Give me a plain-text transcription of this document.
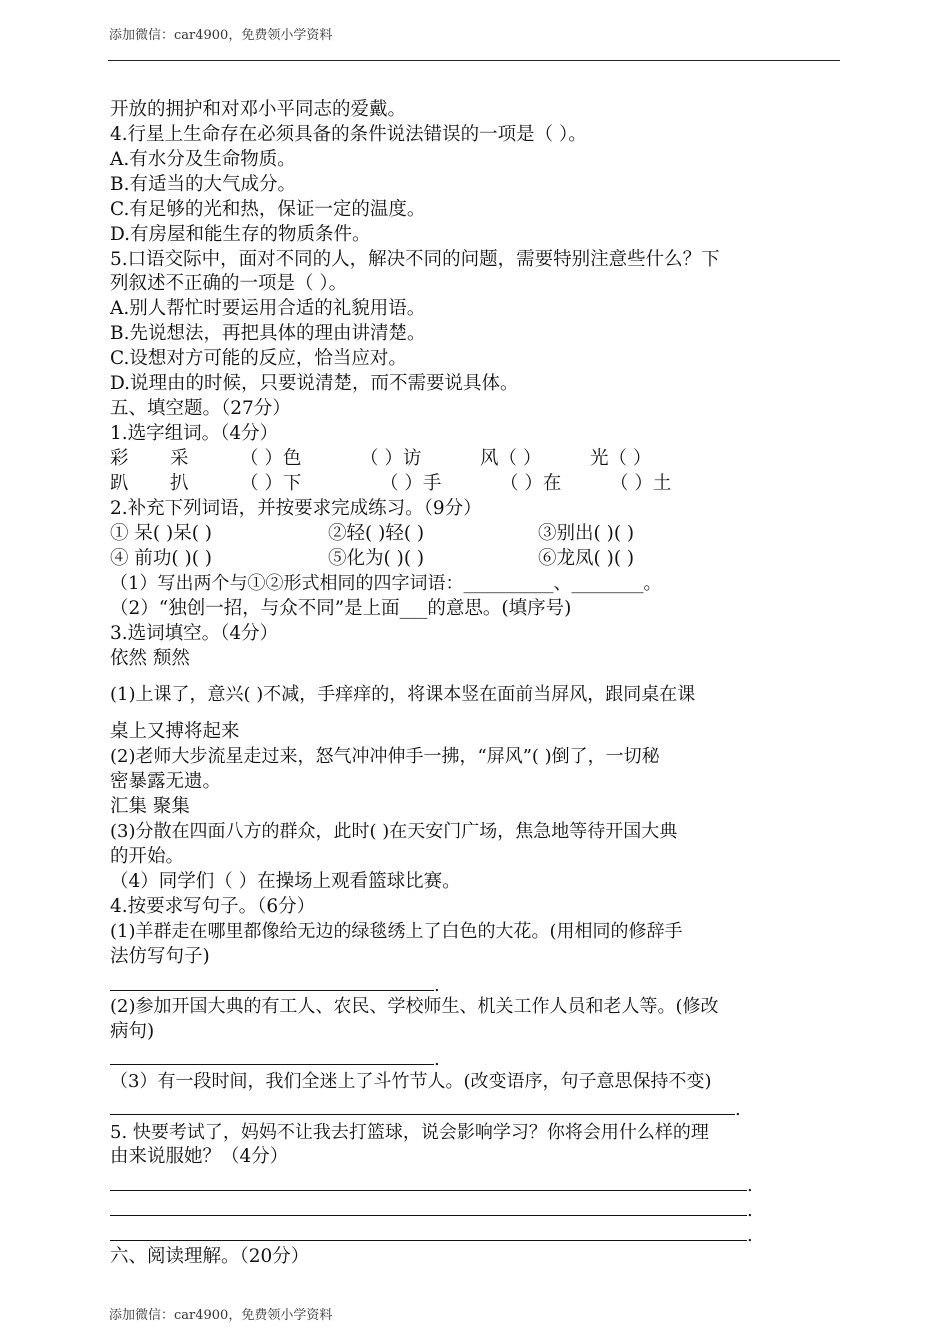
添加微信：car4900，免费领小学资料
开放的拥护和对邓小平同志的爱戴。
4.行星上生命存在必须具备的条件说法错误的一项是（ ）。
A.有水分及生命物质。
B.有适当的大气成分。
C.有足够的光和热，保证一定的温度。
D.有房屋和能生存的物质条件。
5.口语交际中，面对不同的人，解决不同的问题，需要特别注意些什么？下
列叙述不正确的一项是（ ）。
A.别人帮忙时要运用合适的礼貌用语。
B.先说想法，再把具体的理由讲清楚。
C.设想对方可能的反应，恰当应对。
D.说理由的时候，只要说清楚，而不需要说具体。
五、填空题。（27分）
1.选字组词。（4分）
彩 采	（ ）色	（ ）访	风（ ）	光（ ）
趴 扒	（ ）下	（ ）手	（ ）在	（ ）土
2.补充下列词语，并按要求完成练习。（9分）
① 呆( )呆( )	②轻( )轻( )	③别出( )( )
④ 前功( )( )	⑤化为( )( )	⑥龙凤( )( )
（1）写出两个与①②形式相同的四字词语：__________、________。
（2）“独创一招，与众不同”是上面___的意思。(填序号)
3.选词填空。（4分）
依然 颓然
(1)上课了，意兴( )不减，手痒痒的，将课本竖在面前当屏风，跟同桌在课
桌上又搏将起来
(2)老师大步流星走过来，怒气冲冲伸手一拂，“屏风”( )倒了，一切秘
密暴露无遗。
汇集 聚集
(3)分散在四面八方的群众，此时( )在天安门广场，焦急地等待开国大典
的开始。
（4）同学们（ ）在操场上观看篮球比赛。
4.按要求写句子。（6分）
(1)羊群走在哪里都像给无边的绿毯绣上了白色的大花。(用相同的修辞手
法仿写句子)
.
(2)参加开国大典的有工人、农民、学校师生、机关工作人员和老人等。(修改
病句)
.
（3）有一段时间，我们全迷上了斗竹节人。(改变语序，句子意思保持不变)
.
5. 快要考试了，妈妈不让我去打篮球，说会影响学习？你将会用什么样的理
由来说服她？（4分）
.
.
.
六、阅读理解。（20分）
添加微信：car4900，免费领小学资料
